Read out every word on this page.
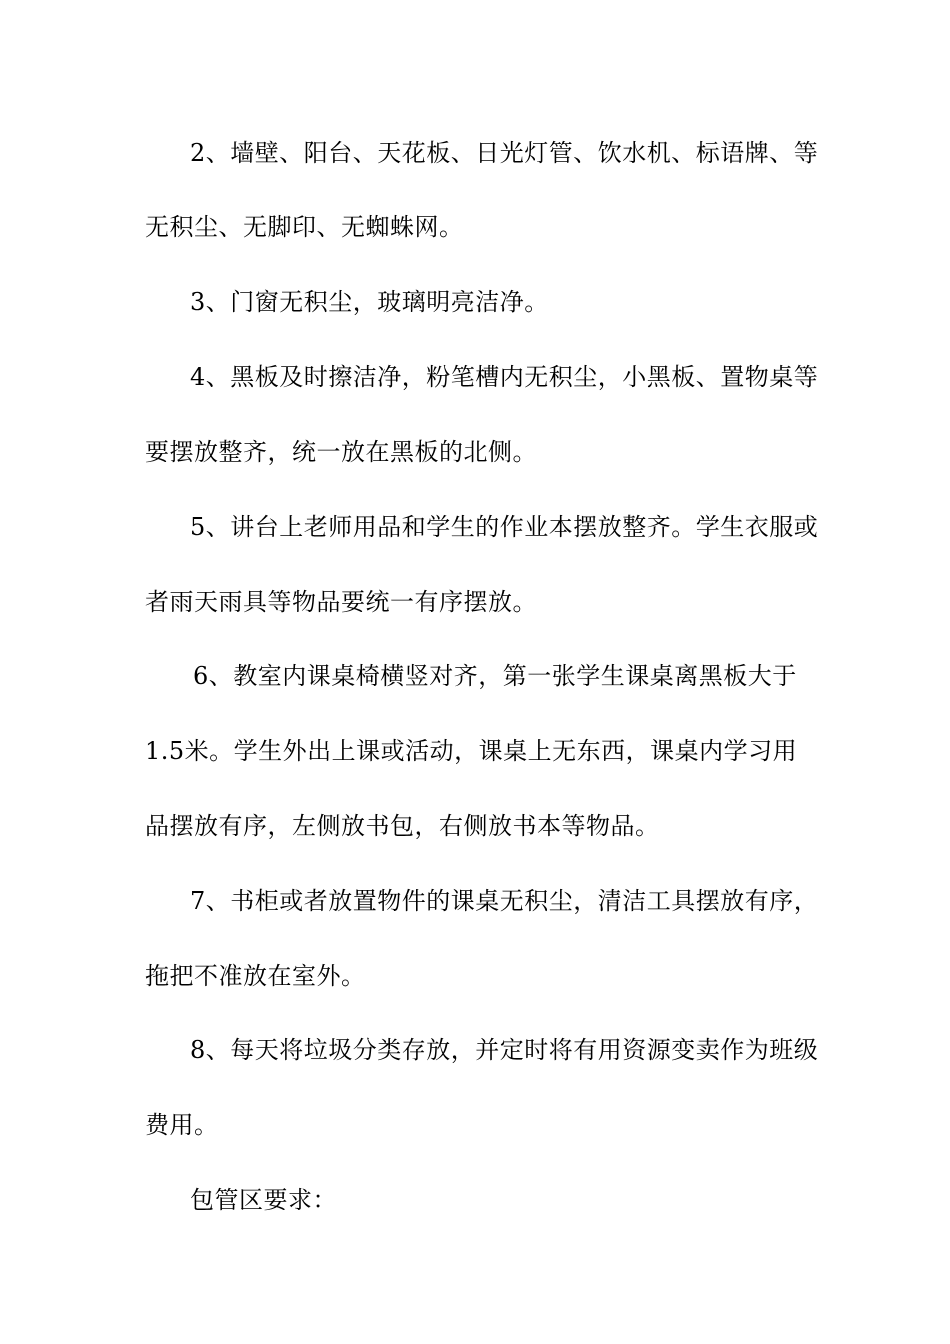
2、墙壁、阳台、天花板、日光灯管、饮水机、标语牌、等
无积尘、无脚印、无蜘蛛网。
3、门窗无积尘，玻璃明亮洁净。
4、黑板及时擦洁净，粉笔槽内无积尘，小黑板、置物桌等
要摆放整齐，统一放在黑板的北侧。
5、讲台上老师用品和学生的作业本摆放整齐。学生衣服或
者雨天雨具等物品要统一有序摆放。
6、教室内课桌椅横竖对齐，第一张学生课桌离黑板大于
1.5米。学生外出上课或活动，课桌上无东西，课桌内学习用
品摆放有序，左侧放书包，右侧放书本等物品。
7、书柜或者放置物件的课桌无积尘，清洁工具摆放有序，
拖把不准放在室外。
8、每天将垃圾分类存放，并定时将有用资源变卖作为班级
费用。
包管区要求：
